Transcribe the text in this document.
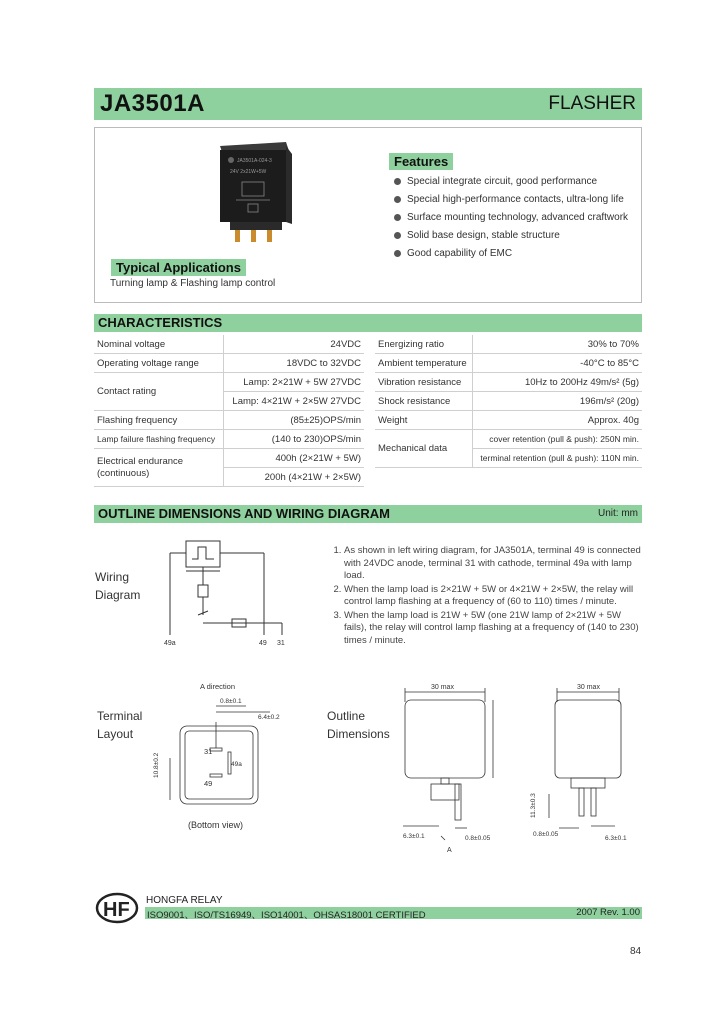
JA3501A	FLASHER
JA3501A-024-3
24V 2x21W+5W
Features
Special integrate circuit, good performance
Special high-performance contacts, ultra-long life
Surface mounting technology, advanced craftwork
Solid base design, stable structure
Good capability of EMC
Typical Applications
Turning lamp & Flashing lamp control
CHARACTERISTICS
Nominal voltage	24VDC
Operating voltage range	18VDC to 32VDC
Contact rating	Lamp: 2×21W + 5W 27VDC
	Lamp: 4×21W + 2×5W 27VDC
Flashing frequency	(85±25)OPS/min
Lamp failure flashing frequency	(140 to 230)OPS/min
Electrical endurance
(continuous)	400h (2×21W + 5W)
	200h (4×21W + 2×5W)
Energizing ratio	30% to 70%
Ambient temperature	-40°C to 85°C
Vibration resistance	10Hz to 200Hz 49m/s² (5g)
Shock resistance	196m/s² (20g)
Weight	Approx. 40g
Mechanical data	cover retention (pull & push): 250N min.
	terminal retention (pull & push): 110N min.
OUTLINE DIMENSIONS AND WIRING DIAGRAM	Unit: mm
Wiring
Diagram
49a	49 31
1. As shown in left wiring diagram, for JA3501A, terminal 49 is connected with 24VDC anode, terminal 31 with cathode, terminal 49a with lamp load.
2. When the lamp load is 2×21W + 5W or 4×21W + 2×5W, the relay will control lamp flashing at a frequency of (60 to 110) times / minute.
3. When the lamp load is 21W + 5W (one 21W lamp of 2×21W + 5W fails), the relay will control lamp flashing at a frequency of (140 to 230) times / minute.
Terminal
Layout
A direction
0.8±0.1
6.4±0.2
10.8±0.2
31
49a
49
(Bottom view)
Outline
Dimensions
30 max
6.3±0.1	0.8±0.05
A
30 max
11.3±0.3
0.8±0.05
6.3±0.1
HF HONGFA RELAY
ISO9001、ISO/TS16949、ISO14001、OHSAS18001 CERTIFIED	2007 Rev. 1.00
84
